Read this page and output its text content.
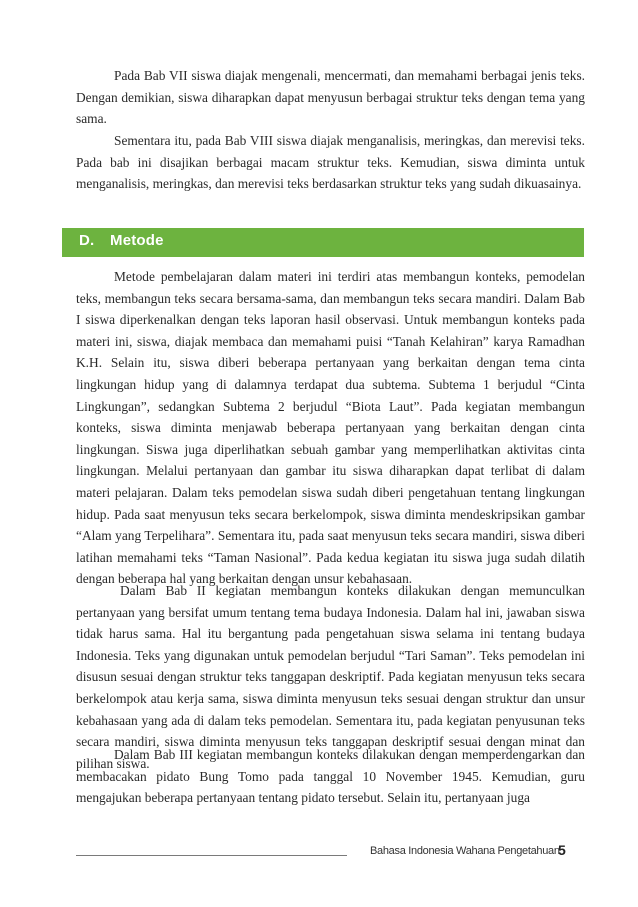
Pada Bab VII siswa diajak mengenali, mencermati, dan memahami berbagai jenis teks. Dengan demikian, siswa diharapkan dapat menyusun berbagai struktur teks dengan tema yang sama.

Sementara itu, pada Bab VIII siswa diajak menganalisis, meringkas, dan merevisi teks. Pada bab ini disajikan berbagai macam struktur teks. Kemudian, siswa diminta untuk menganalisis, meringkas, dan merevisi teks berdasarkan struktur teks yang sudah dikuasainya.

D. Metode

Metode pembelajaran dalam materi ini terdiri atas membangun konteks, pemodelan teks, membangun teks secara bersama-sama, dan membangun teks secara mandiri. Dalam Bab I siswa diperkenalkan dengan teks laporan hasil observasi. Untuk membangun konteks pada materi ini, siswa, diajak membaca dan memahami puisi “Tanah Kelahiran” karya Ramadhan K.H. Selain itu, siswa diberi beberapa pertanyaan yang berkaitan dengan tema cinta lingkungan hidup yang di dalamnya terdapat dua subtema. Subtema 1 berjudul “Cinta Lingkungan”, sedangkan Subtema 2 berjudul “Biota Laut”. Pada kegiatan membangun konteks, siswa diminta menjawab beberapa pertanyaan yang berkaitan dengan cinta lingkungan. Siswa juga diperlihatkan sebuah gambar yang memperlihatkan aktivitas cinta lingkungan. Melalui pertanyaan dan gambar itu siswa diharapkan dapat terlibat di dalam materi pelajaran. Dalam teks pemodelan siswa sudah diberi pengetahuan tentang lingkungan hidup. Pada saat menyusun teks secara berkelompok, siswa diminta mendeskripsikan gambar “Alam yang Terpelihara”. Sementara itu, pada saat menyusun teks secara mandiri, siswa diberi latihan memahami teks “Taman Nasional”. Pada kedua kegiatan itu siswa juga sudah dilatih dengan beberapa hal yang berkaitan dengan unsur kebahasaan.

Dalam Bab II kegiatan membangun konteks dilakukan dengan memunculkan pertanyaan yang bersifat umum tentang tema budaya Indonesia. Dalam hal ini, jawaban siswa tidak harus sama. Hal itu bergantung pada pengetahuan siswa selama ini tentang budaya Indonesia. Teks yang digunakan untuk pemodelan berjudul “Tari Saman”. Teks pemodelan ini disusun sesuai dengan struktur teks tanggapan deskriptif. Pada kegiatan menyusun teks secara berkelompok atau kerja sama, siswa diminta menyusun teks sesuai dengan struktur dan unsur kebahasaan yang ada di dalam teks pemodelan. Sementara itu, pada kegiatan penyusunan teks secara mandiri, siswa diminta menyusun teks tanggapan deskriptif sesuai dengan minat dan pilihan siswa.

Dalam Bab III kegiatan membangun konteks dilakukan dengan memperdengarkan dan membacakan pidato Bung Tomo pada tanggal 10 November 1945. Kemudian, guru mengajukan beberapa pertanyaan tentang pidato tersebut. Selain itu, pertanyaan juga

Bahasa Indonesia Wahana Pengetahuan
5
